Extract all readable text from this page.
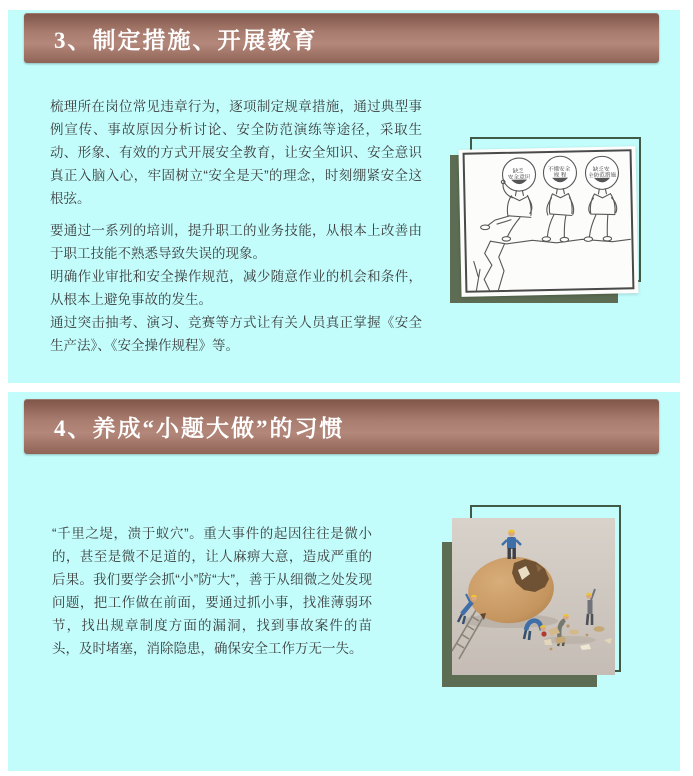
3、制定措施、开展教育

梳理所在岗位常见违章行为，逐项制定规章措施，通过典型事例宣传、事故原因分析讨论、安全防范演练等途径，采取生动、形象、有效的方式开展安全教育，让安全知识、安全意识真正入脑入心，牢固树立“安全是天”的理念，时刻绷紧安全这根弦。

要通过一系列的培训，提升职工的业务技能，从根本上改善由于职工技能不熟悉导致失误的现象。

明确作业审批和安全操作规范，减少随意作业的机会和条件，从根本上避免事故的发生。

通过突击抽考、演习、竞赛等方式让有关人员真正掌握《安全生产法》、《安全操作规程》等。

缺乏 安全意识
不懂安全 规 程
缺乏安 全防范措施
4、养成“小题大做”的习惯

“千里之堤，溃于蚁穴”。重大事件的起因往往是微小的，甚至是微不足道的，让人麻痹大意，造成严重的后果。我们要学会抓“小”防“大”，善于从细微之处发现问题，把工作做在前面，要通过抓小事，找准薄弱环节，找出规章制度方面的漏洞，找到事故案件的苗头，及时堵塞，消除隐患，确保安全工作万无一失。
